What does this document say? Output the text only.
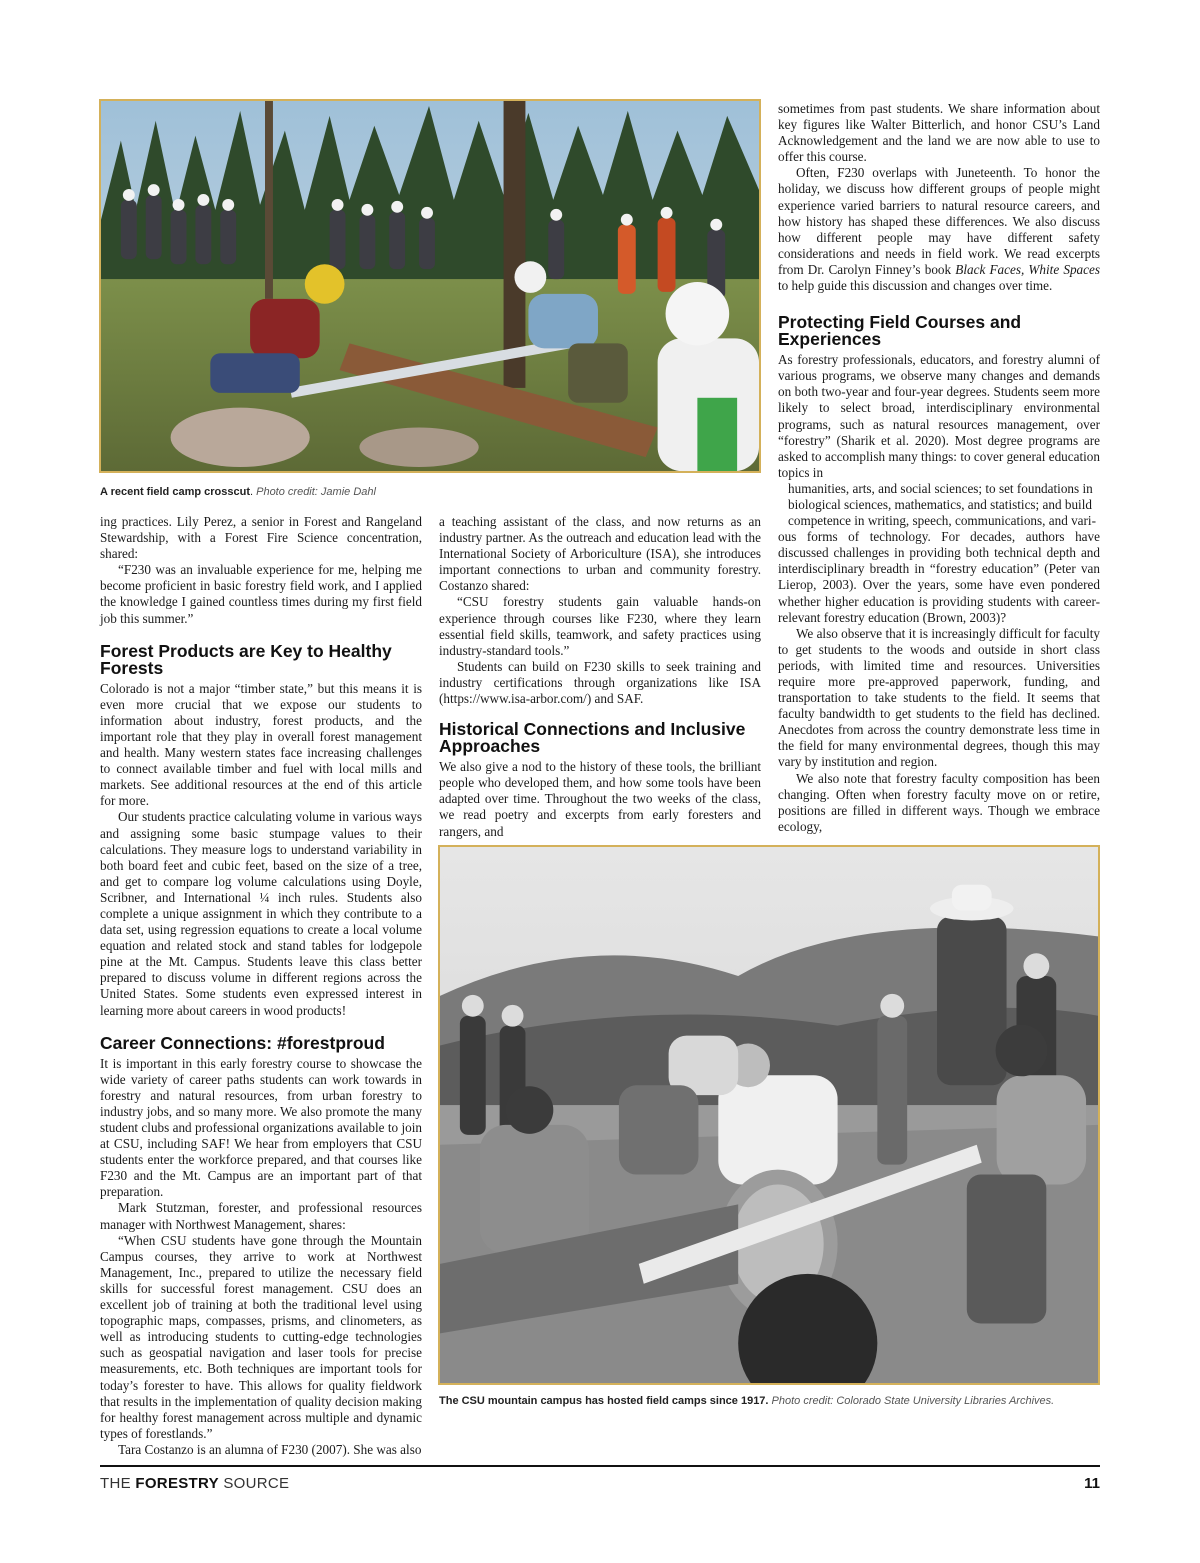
A recent field camp crosscut. Photo credit: Jamie Dahl

ing practices. Lily Perez, a senior in Forest and Rangeland Stewardship, with a Forest Fire Science concentration, shared:

“F230 was an invaluable experience for me, helping me become proficient in basic forestry field work, and I applied the knowledge I gained countless times during my first field job this summer.”

Forest Products are Key to Healthy Forests

Colorado is not a major “timber state,” but this means it is even more crucial that we expose our students to information about industry, forest products, and the important role that they play in overall forest management and health. Many western states face increasing challenges to connect available timber and fuel with local mills and markets. See additional resources at the end of this article for more.

Our students practice calculating volume in various ways and assigning some basic stumpage values to their calculations. They measure logs to understand variability in both board feet and cubic feet, based on the size of a tree, and get to compare log volume calculations using Doyle, Scribner, and International ¼ inch rules. Students also complete a unique assignment in which they contribute to a data set, using regression equations to create a local volume equation and related stock and stand tables for lodgepole pine at the Mt. Campus. Students leave this class better prepared to discuss volume in different regions across the United States. Some students even expressed interest in learning more about careers in wood products!

Career Connections: #forestproud

It is important in this early forestry course to showcase the wide variety of career paths students can work towards in forestry and natural resources, from urban forestry to industry jobs, and so many more. We also promote the many student clubs and professional organizations available to join at CSU, including SAF! We hear from employers that CSU students enter the workforce prepared, and that courses like F230 and the Mt. Campus are an important part of that preparation.

Mark Stutzman, forester, and professional resources manager with Northwest Management, shares:

“When CSU students have gone through the Mountain Campus courses, they arrive to work at Northwest Management, Inc., prepared to utilize the necessary field skills for successful forest management. CSU does an excellent job of training at both the traditional level using topographic maps, compasses, prisms, and clinometers, as well as introducing students to cutting-edge technologies such as geospatial navigation and laser tools for precise measurements, etc. Both techniques are important tools for today’s forester to have. This allows for quality fieldwork that results in the implementation of quality decision making for healthy forest management across multiple and dynamic types of forestlands.”

Tara Costanzo is an alumna of F230 (2007). She was also

a teaching assistant of the class, and now returns as an industry partner. As the outreach and education lead with the International Society of Arboriculture (ISA), she introduces important connections to urban and community forestry. Costanzo shared:

“CSU forestry students gain valuable hands-on experience through courses like F230, where they learn essential field skills, teamwork, and safety practices using industry-standard tools.”

Students can build on F230 skills to seek training and industry certifications through organizations like ISA (https://www.isa-arbor.com/) and SAF.

Historical Connections and Inclusive Approaches

We also give a nod to the history of these tools, the brilliant people who developed them, and how some tools have been adapted over time. Throughout the two weeks of the class, we read poetry and excerpts from early foresters and rangers, and

sometimes from past students. We share information about key figures like Walter Bitterlich, and honor CSU’s Land Acknowledgement and the land we are now able to use to offer this course.

Often, F230 overlaps with Juneteenth. To honor the holiday, we discuss how different groups of people might experience varied barriers to natural resource careers, and how history has shaped these differences. We also discuss how different people may have different safety considerations and needs in field work. We read excerpts from Dr. Carolyn Finney’s book Black Faces, White Spaces to help guide this discussion and changes over time.

Protecting Field Courses and Experiences

As forestry professionals, educators, and forestry alumni of various programs, we observe many changes and demands on both two-year and four-year degrees. Students seem more likely to select broad, interdisciplinary environmental programs, such as natural resources management, over “forestry” (Sharik et al. 2020). Most degree programs are asked to accomplish many things: to cover general education topics in

humanities, arts, and social sciences; to set foundations in
biological sciences, mathematics, and statistics; and build
competence in writing, speech, communications, and vari-

ous forms of technology. For decades, authors have discussed challenges in providing both technical depth and interdisciplinary breadth in “forestry education” (Peter van Lierop, 2003). Over the years, some have even pondered whether higher education is providing students with career-relevant forestry education (Brown, 2003)?

We also observe that it is increasingly difficult for faculty to get students to the woods and outside in short class periods, with limited time and resources. Universities require more pre-approved paperwork, funding, and transportation to take students to the field. It seems that faculty bandwidth to get students to the field has declined. Anecdotes from across the country demonstrate less time in the field for many environmental degrees, though this may vary by institution and region.

We also note that forestry faculty composition has been changing. Often when forestry faculty move on or retire, positions are filled in different ways. Though we embrace ecology,

The CSU mountain campus has hosted field camps since 1917. Photo credit: Colorado State University Libraries Archives.
THE FORESTRY SOURCE	11
